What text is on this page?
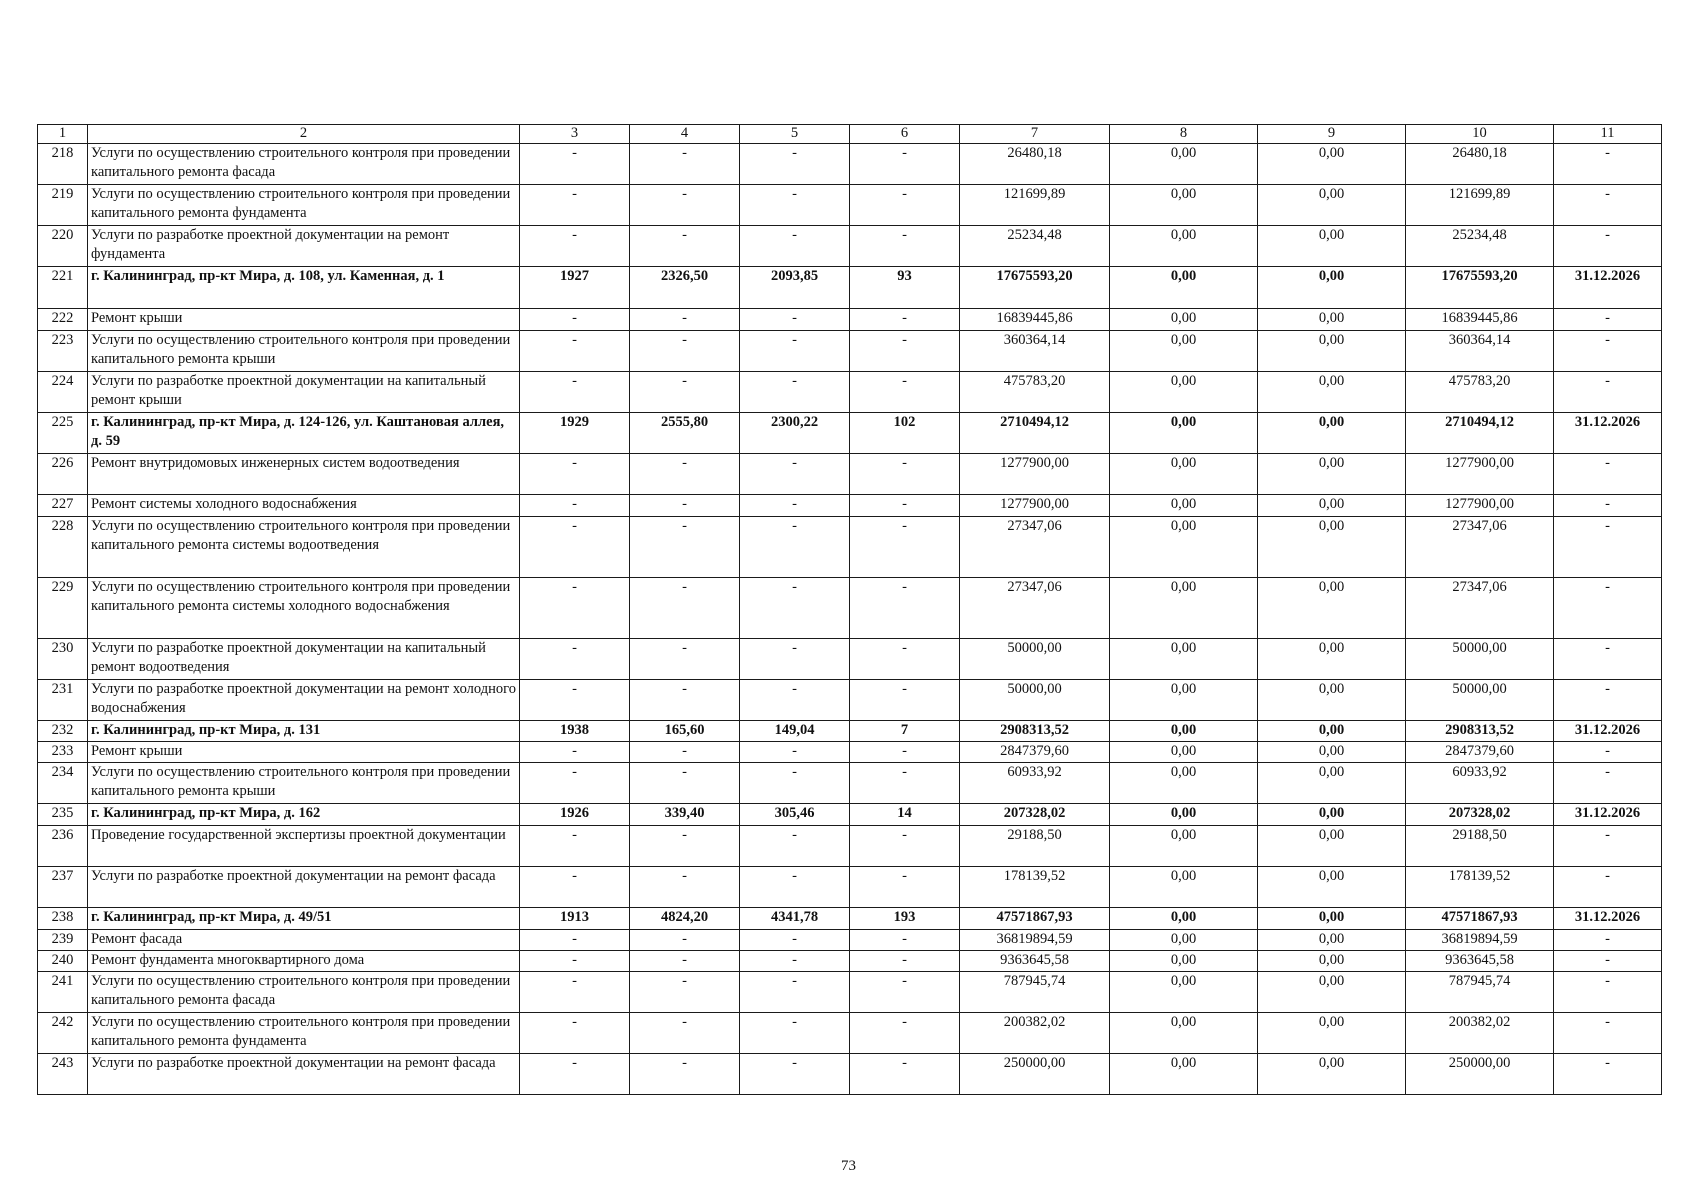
1	2	3	4	5	6	7	8	9	10	11
218	Услуги по осуществлению строительного контроля при проведении капитального ремонта фасада	-	-	-	-	26480,18	0,00	0,00	26480,18	-
219	Услуги по осуществлению строительного контроля при проведении капитального ремонта фундамента	-	-	-	-	121699,89	0,00	0,00	121699,89	-
220	Услуги по разработке проектной документации на ремонт фундамента	-	-	-	-	25234,48	0,00	0,00	25234,48	-
221	г. Калининград, пр-кт Мира, д. 108, ул. Каменная, д. 1	1927	2326,50	2093,85	93	17675593,20	0,00	0,00	17675593,20	31.12.2026
222	Ремонт крыши	-	-	-	-	16839445,86	0,00	0,00	16839445,86	-
223	Услуги по осуществлению строительного контроля при проведении капитального ремонта крыши	-	-	-	-	360364,14	0,00	0,00	360364,14	-
224	Услуги по разработке проектной документации на капитальный ремонт крыши	-	-	-	-	475783,20	0,00	0,00	475783,20	-
225	г. Калининград, пр-кт Мира, д. 124-126, ул. Каштановая аллея, д. 59	1929	2555,80	2300,22	102	2710494,12	0,00	0,00	2710494,12	31.12.2026
226	Ремонт внутридомовых инженерных систем водоотведения	-	-	-	-	1277900,00	0,00	0,00	1277900,00	-
227	Ремонт системы холодного водоснабжения	-	-	-	-	1277900,00	0,00	0,00	1277900,00	-
228	Услуги по осуществлению строительного контроля при проведении капитального ремонта системы водоотведения	-	-	-	-	27347,06	0,00	0,00	27347,06	-
229	Услуги по осуществлению строительного контроля при проведении капитального ремонта системы холодного водоснабжения	-	-	-	-	27347,06	0,00	0,00	27347,06	-
230	Услуги по разработке проектной документации на капитальный ремонт водоотведения	-	-	-	-	50000,00	0,00	0,00	50000,00	-
231	Услуги по разработке проектной документации на ремонт холодного водоснабжения	-	-	-	-	50000,00	0,00	0,00	50000,00	-
232	г. Калининград, пр-кт Мира, д. 131	1938	165,60	149,04	7	2908313,52	0,00	0,00	2908313,52	31.12.2026
233	Ремонт крыши	-	-	-	-	2847379,60	0,00	0,00	2847379,60	-
234	Услуги по осуществлению строительного контроля при проведении капитального ремонта крыши	-	-	-	-	60933,92	0,00	0,00	60933,92	-
235	г. Калининград, пр-кт Мира, д. 162	1926	339,40	305,46	14	207328,02	0,00	0,00	207328,02	31.12.2026
236	Проведение государственной экспертизы проектной документации	-	-	-	-	29188,50	0,00	0,00	29188,50	-
237	Услуги по разработке проектной документации на ремонт фасада	-	-	-	-	178139,52	0,00	0,00	178139,52	-
238	г. Калининград, пр-кт Мира, д. 49/51	1913	4824,20	4341,78	193	47571867,93	0,00	0,00	47571867,93	31.12.2026
239	Ремонт фасада	-	-	-	-	36819894,59	0,00	0,00	36819894,59	-
240	Ремонт фундамента многоквартирного дома	-	-	-	-	9363645,58	0,00	0,00	9363645,58	-
241	Услуги по осуществлению строительного контроля при проведении капитального ремонта фасада	-	-	-	-	787945,74	0,00	0,00	787945,74	-
242	Услуги по осуществлению строительного контроля при проведении капитального ремонта фундамента	-	-	-	-	200382,02	0,00	0,00	200382,02	-
243	Услуги по разработке проектной документации на ремонт фасада	-	-	-	-	250000,00	0,00	0,00	250000,00	-
73
